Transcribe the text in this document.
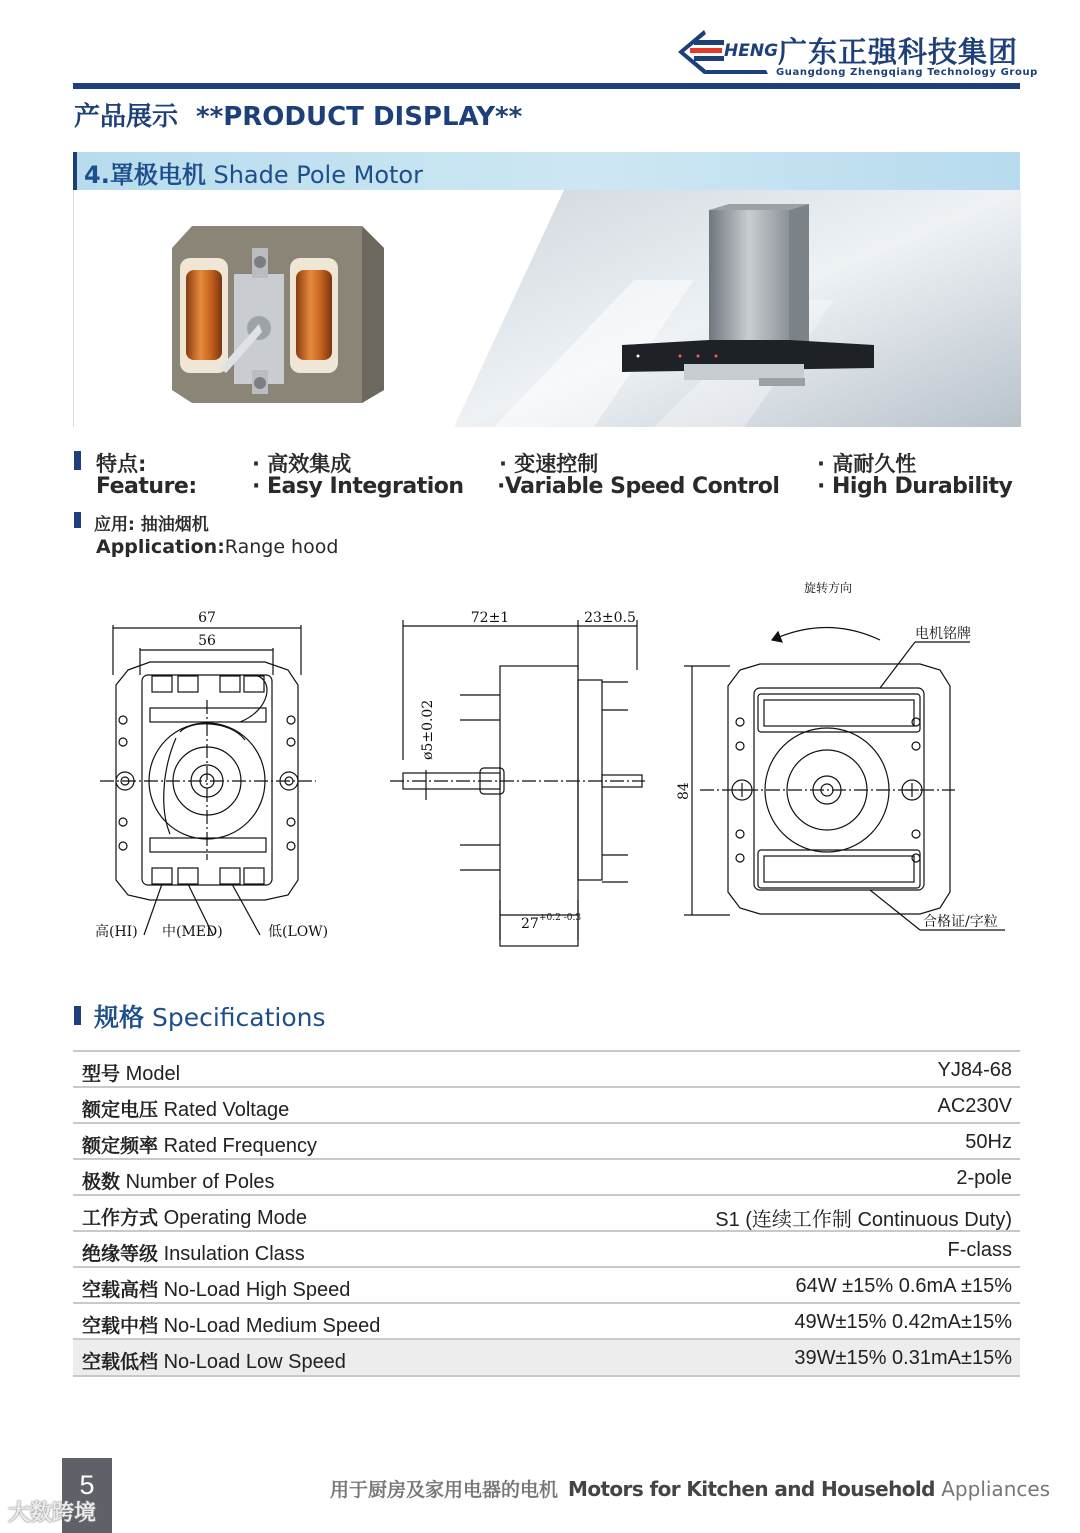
HENG 广东正强科技集团
Guangdong Zhengqiang Technology Group
产品展示 **PRODUCT DISPLAY**
4.罩极电机 Shade Pole Motor
特点:
Feature:
· 高效集成
· Easy Integration
· 变速控制
·Variable Speed Control
· 高耐久性
· High Durability
应用: 抽油烟机
Application:Range hood
67
56
高(HI) 中(MED)	低(LOW)
72±1	23±0.5
ø5±0.02
27 +0.2 -0.3
84
旋转方向
电机铭牌
合格证/字粒
规格 Specifications
型号 Model	YJ84-68
额定电压 Rated Voltage	AC230V
额定频率 Rated Frequency	50Hz
极数 Number of Poles	2-pole
工作方式 Operating Mode	S1 (连续工作制 Continuous Duty)
绝缘等级 Insulation Class	F-class
空载高档 No-Load High Speed	64W ±15% 0.6mA ±15%
空载中档 No-Load Medium Speed	49W±15% 0.42mA±15%
空载低档 No-Load Low Speed	39W±15% 0.31mA±15%
5
大数跨境
用于厨房及家用电器的电机 Motors for Kitchen and Household Appliances
